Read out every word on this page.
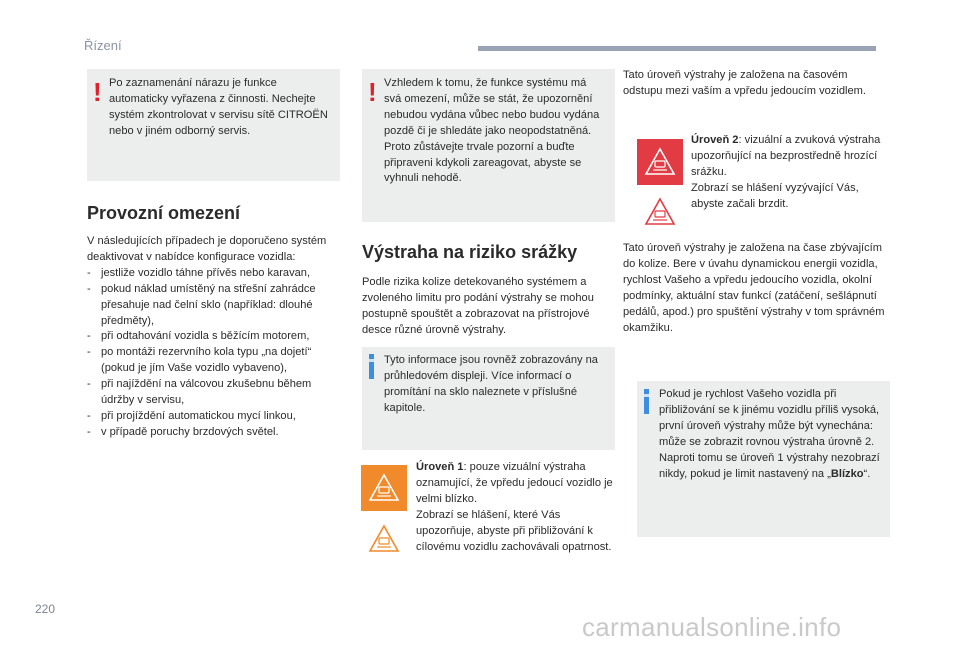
Řízení
! Po zaznamenání nárazu je funkce automaticky vyřazena z činnosti. Nechejte systém zkontrolovat v servisu sítě CITROËN nebo v jiném odborný servis.
Provozní omezení

V následujících případech je doporučeno systém deaktivovat v nabídce konfigurace vozidla:

- jestliže vozidlo táhne přívěs nebo karavan,
- pokud náklad umístěný na střešní zahrádce přesahuje nad čelní sklo (například: dlouhé předměty),
- při odtahování vozidla s běžícím motorem,
- po montáži rezervního kola typu „na dojetí“ (pokud je jím Vaše vozidlo vybaveno),
- při najíždění na válcovou zkušebnu během údržby v servisu,
- při projíždění automatickou mycí linkou,
- v případě poruchy brzdových světel.
! Vzhledem k tomu, že funkce systému má svá omezení, může se stát, že upozornění nebudou vydána vůbec nebo budou vydána pozdě či je shledáte jako neopodstatněná. Proto zůstávejte trvale pozorní a buďte připraveni kdykoli zareagovat, abyste se vyhnuli nehodě.
Výstraha na riziko srážky
Podle rizika kolize detekovaného systémem a zvoleného limitu pro podání výstrahy se mohou postupně spouštět a zobrazovat na přístrojové desce různé úrovně výstrahy.
Tyto informace jsou rovněž zobrazovány na průhledovém displeji. Více informací o promítání na sklo naleznete v příslušné kapitole.

Úroveň 1: pouze vizuální výstraha oznamující, že vpředu jedoucí vozidlo je velmi blízko.

Zobrazí se hlášení, které Vás upozorňuje, abyste při přibližování k cílovému vozidlu zachovávali opatrnost.

Tato úroveň výstrahy je založena na časovém odstupu mezi vaším a vpředu jedoucím vozidlem.

Úroveň 2: vizuální a zvuková výstraha upozorňující na bezprostředně hrozící srážku.

Zobrazí se hlášení vyzývající Vás, abyste začali brzdit.

Tato úroveň výstrahy je založena na čase zbývajícím do kolize. Bere v úvahu dynamickou energii vozidla, rychlost Vašeho a vpředu jedoucího vozidla, okolní podmínky, aktuální stav funkcí (zatáčení, sešlápnutí pedálů, apod.) pro spuštění výstrahy v tom správném okamžiku.

Pokud je rychlost Vašeho vozidla při přibližování se k jinému vozidlu příliš vysoká, první úroveň výstrahy může být vynechána: může se zobrazit rovnou výstraha úrovně 2.

Naproti tomu se úroveň 1 výstrahy nezobrazí nikdy, pokud je limit nastavený na „Blízko“.

220
carmanualsonline.info
